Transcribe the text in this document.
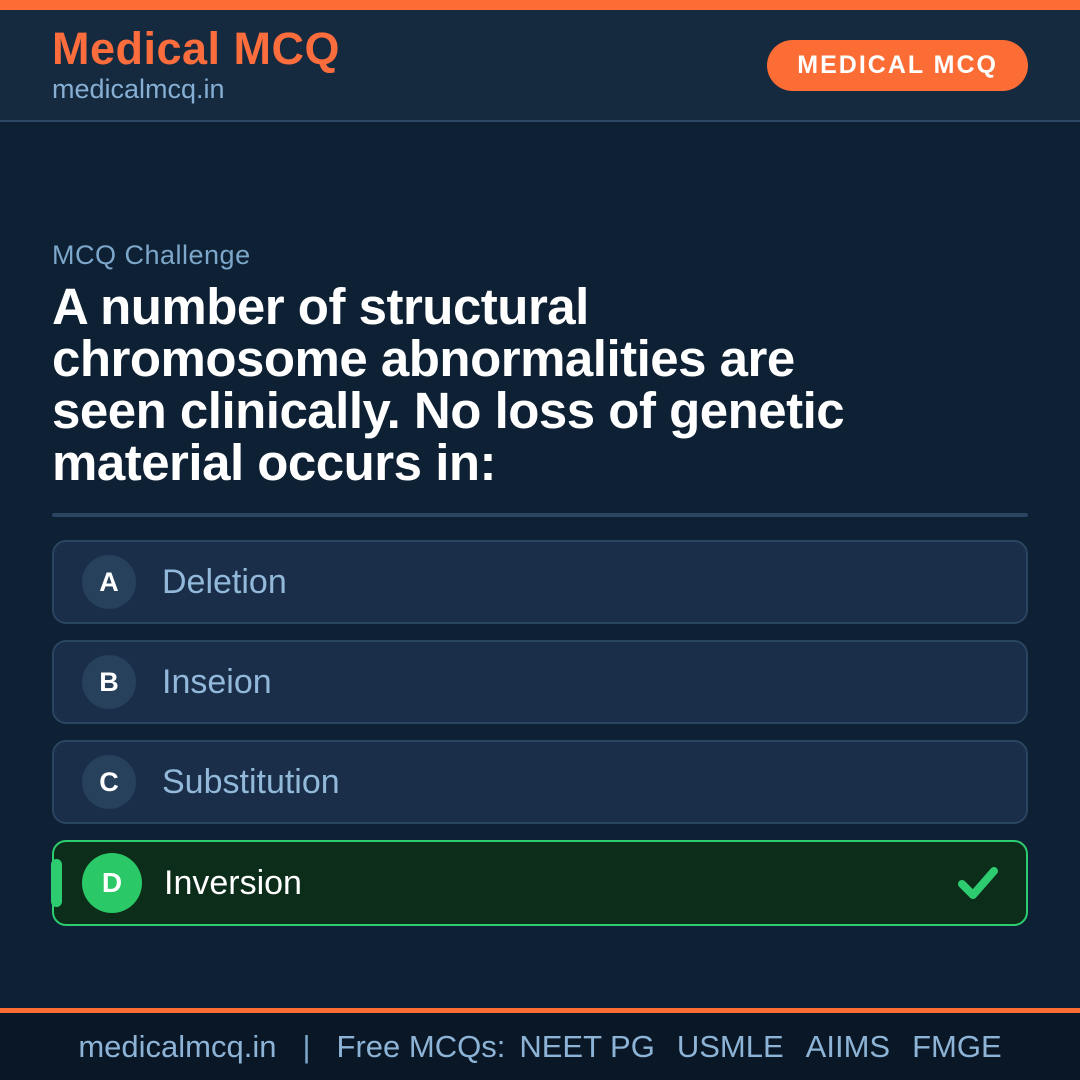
Medical MCQ
medicalmcq.in
MEDICAL MCQ
MCQ Challenge
A number of structural
chromosome abnormalities are
seen clinically. No loss of genetic
material occurs in:
A	Deletion
B	Inseion
C	Substitution
D	Inversion
medicalmcq.in | Free MCQs: NEET PG USMLE AIIMS FMGE
